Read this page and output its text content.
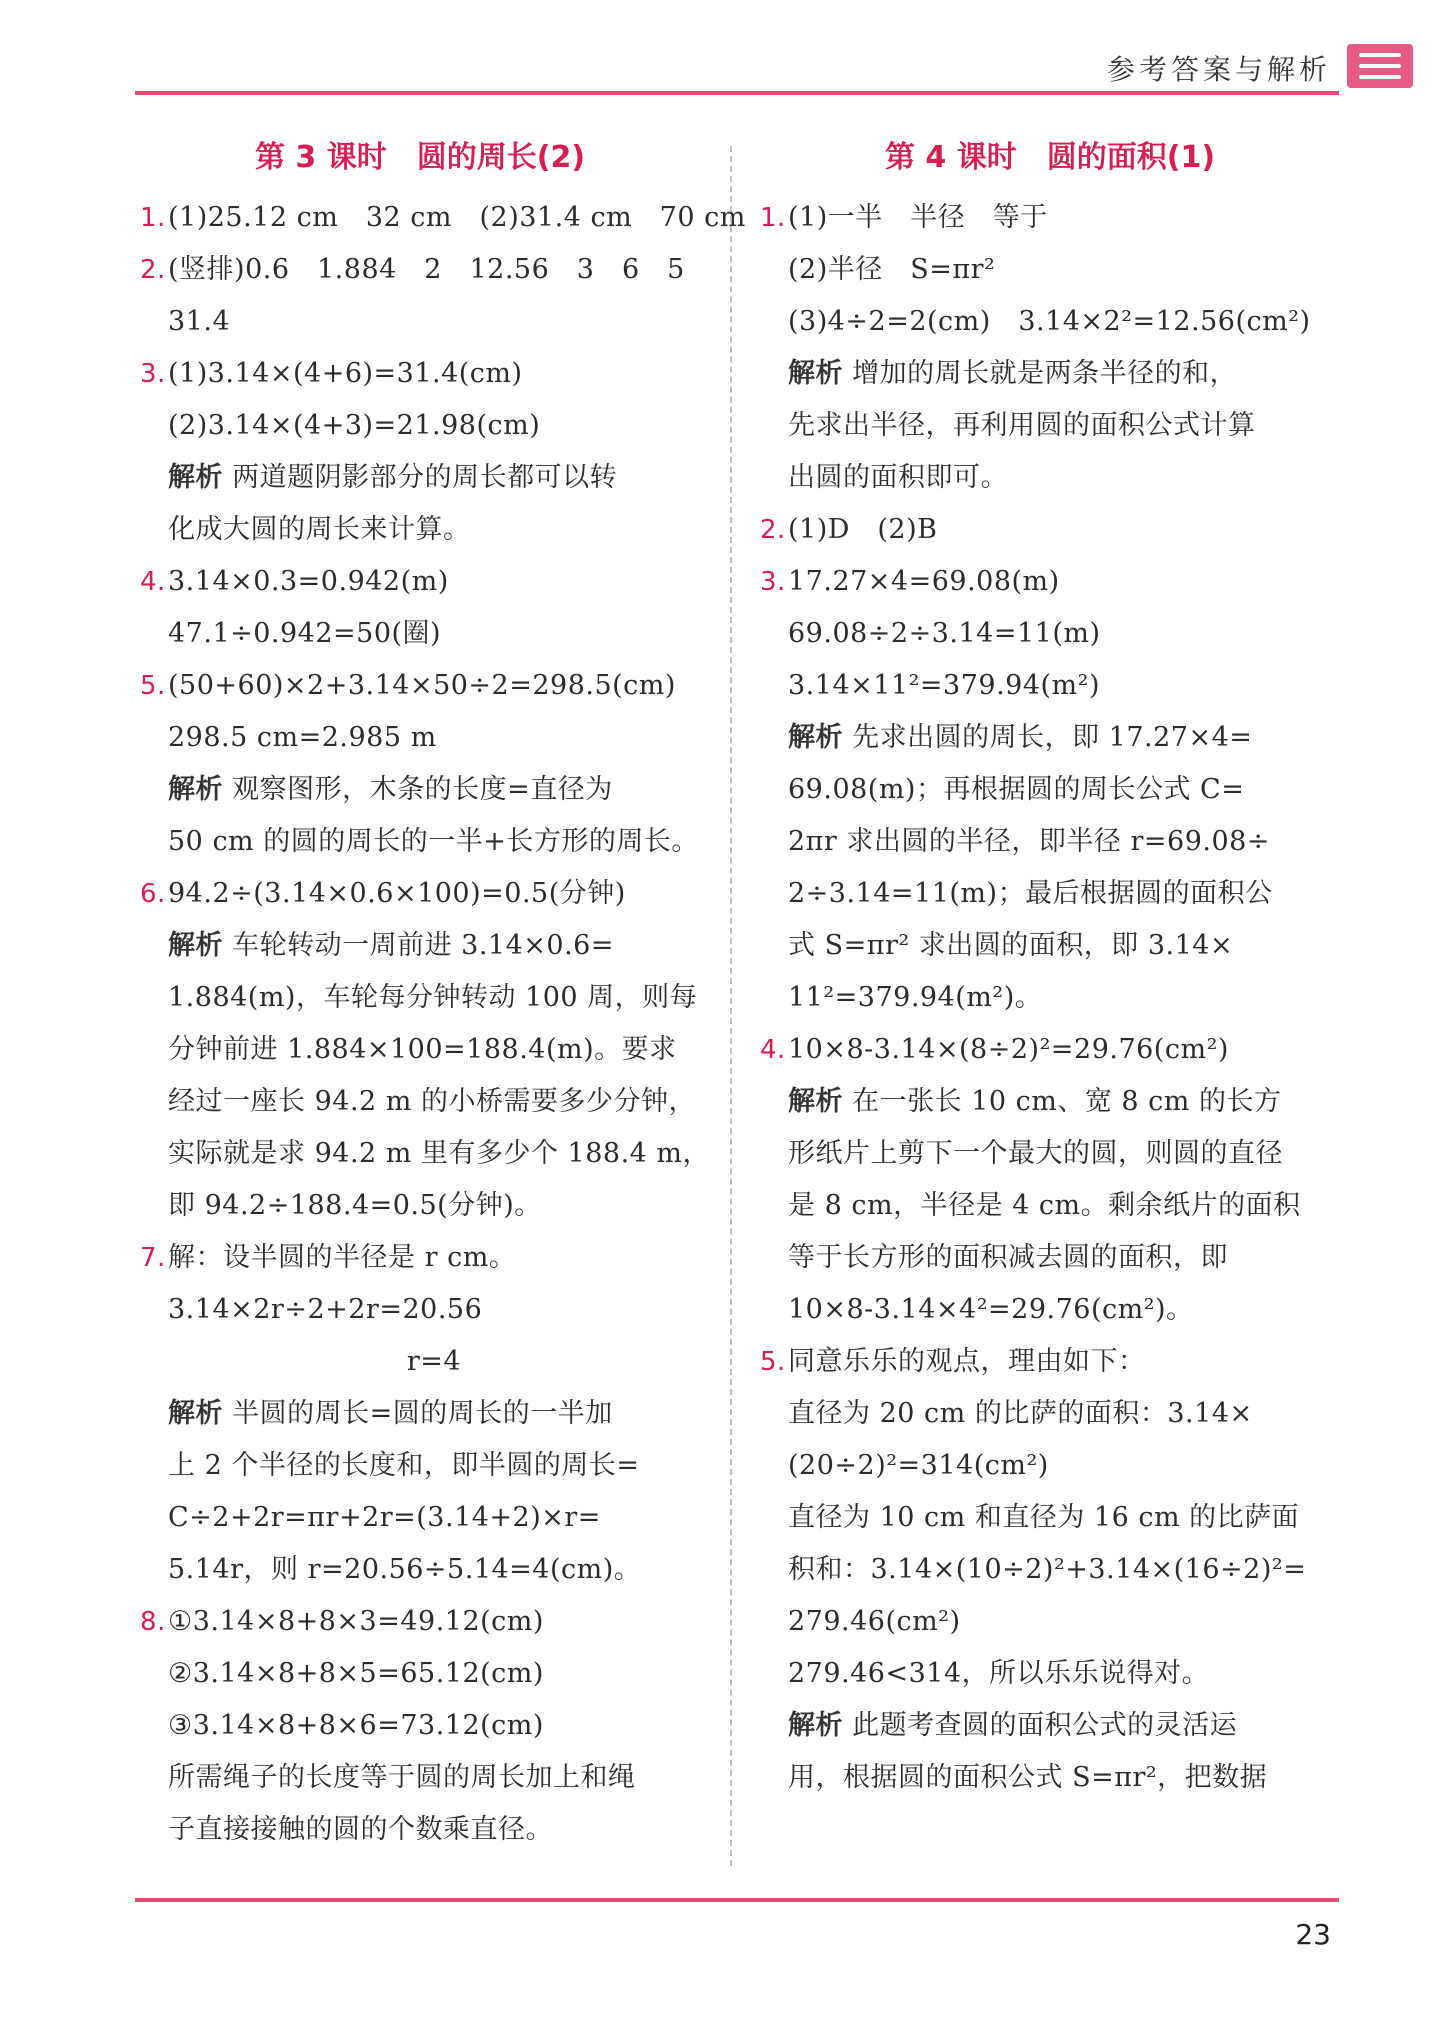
参考答案与解析
第 3 课时　圆的周长(2)
1.(1)25.12 cm　32 cm　(2)31.4 cm　70 cm
2.(竖排)0.6　1.884　2　12.56　3　6　5
31.4
3.(1)3.14×(4+6)=31.4(cm)
(2)3.14×(4+3)=21.98(cm)
解析 两道题阴影部分的周长都可以转
化成大圆的周长来计算。
4.3.14×0.3=0.942(m)
47.1÷0.942=50(圈)
5.(50+60)×2+3.14×50÷2=298.5(cm)
298.5 cm=2.985 m
解析 观察图形，木条的长度=直径为
50 cm 的圆的周长的一半+长方形的周长。
6.94.2÷(3.14×0.6×100)=0.5(分钟)
解析 车轮转动一周前进 3.14×0.6=
1.884(m)，车轮每分钟转动 100 周，则每
分钟前进 1.884×100=188.4(m)。要求
经过一座长 94.2 m 的小桥需要多少分钟，
实际就是求 94.2 m 里有多少个 188.4 m，
即 94.2÷188.4=0.5(分钟)。
7.解：设半圆的半径是 r cm。
3.14×2r÷2+2r=20.56
r=4
解析 半圆的周长=圆的周长的一半加
上 2 个半径的长度和，即半圆的周长=
C÷2+2r=πr+2r=(3.14+2)×r=
5.14r，则 r=20.56÷5.14=4(cm)。
8.①3.14×8+8×3=49.12(cm)
②3.14×8+8×5=65.12(cm)
③3.14×8+8×6=73.12(cm)
所需绳子的长度等于圆的周长加上和绳
子直接接触的圆的个数乘直径。
第 4 课时　圆的面积(1)
1.(1)一半　半径　等于
(2)半径　S=πr²
(3)4÷2=2(cm)　3.14×2²=12.56(cm²)
解析 增加的周长就是两条半径的和，
先求出半径，再利用圆的面积公式计算
出圆的面积即可。
2.(1)D　(2)B
3.17.27×4=69.08(m)
69.08÷2÷3.14=11(m)
3.14×11²=379.94(m²)
解析 先求出圆的周长，即 17.27×4=
69.08(m)；再根据圆的周长公式 C=
2πr 求出圆的半径，即半径 r=69.08÷
2÷3.14=11(m)；最后根据圆的面积公
式 S=πr² 求出圆的面积，即 3.14×
11²=379.94(m²)。
4.10×8-3.14×(8÷2)²=29.76(cm²)
解析 在一张长 10 cm、宽 8 cm 的长方
形纸片上剪下一个最大的圆，则圆的直径
是 8 cm，半径是 4 cm。剩余纸片的面积
等于长方形的面积减去圆的面积，即
10×8-3.14×4²=29.76(cm²)。
5.同意乐乐的观点，理由如下：
直径为 20 cm 的比萨的面积：3.14×
(20÷2)²=314(cm²)
直径为 10 cm 和直径为 16 cm 的比萨面
积和：3.14×(10÷2)²+3.14×(16÷2)²=
279.46(cm²)
279.46<314，所以乐乐说得对。
解析 此题考查圆的面积公式的灵活运
用，根据圆的面积公式 S=πr²，把数据
23
